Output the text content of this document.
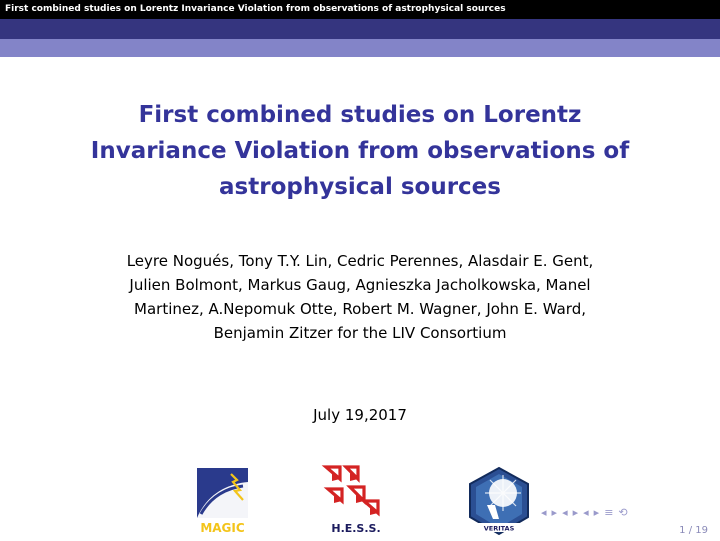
First combined studies on Lorentz Invariance Violation from observations of astrophysical sources
First combined studies on Lorentz
Invariance Violation from observations of
astrophysical sources
Leyre Nogués, Tony T.Y. Lin, Cedric Perennes, Alasdair E. Gent,
Julien Bolmont, Markus Gaug, Agnieszka Jacholkowska, Manel
Martinez, A.Nepomuk Otte, Robert M. Wagner, John E. Ward,
Benjamin Zitzer for the LIV Consortium
July 19,2017
MAGIC	H.E.S.S.	VERITAS
◂ ▸ ◂ ▸ ◂ ▸ ≡ ⟲
1 / 19
